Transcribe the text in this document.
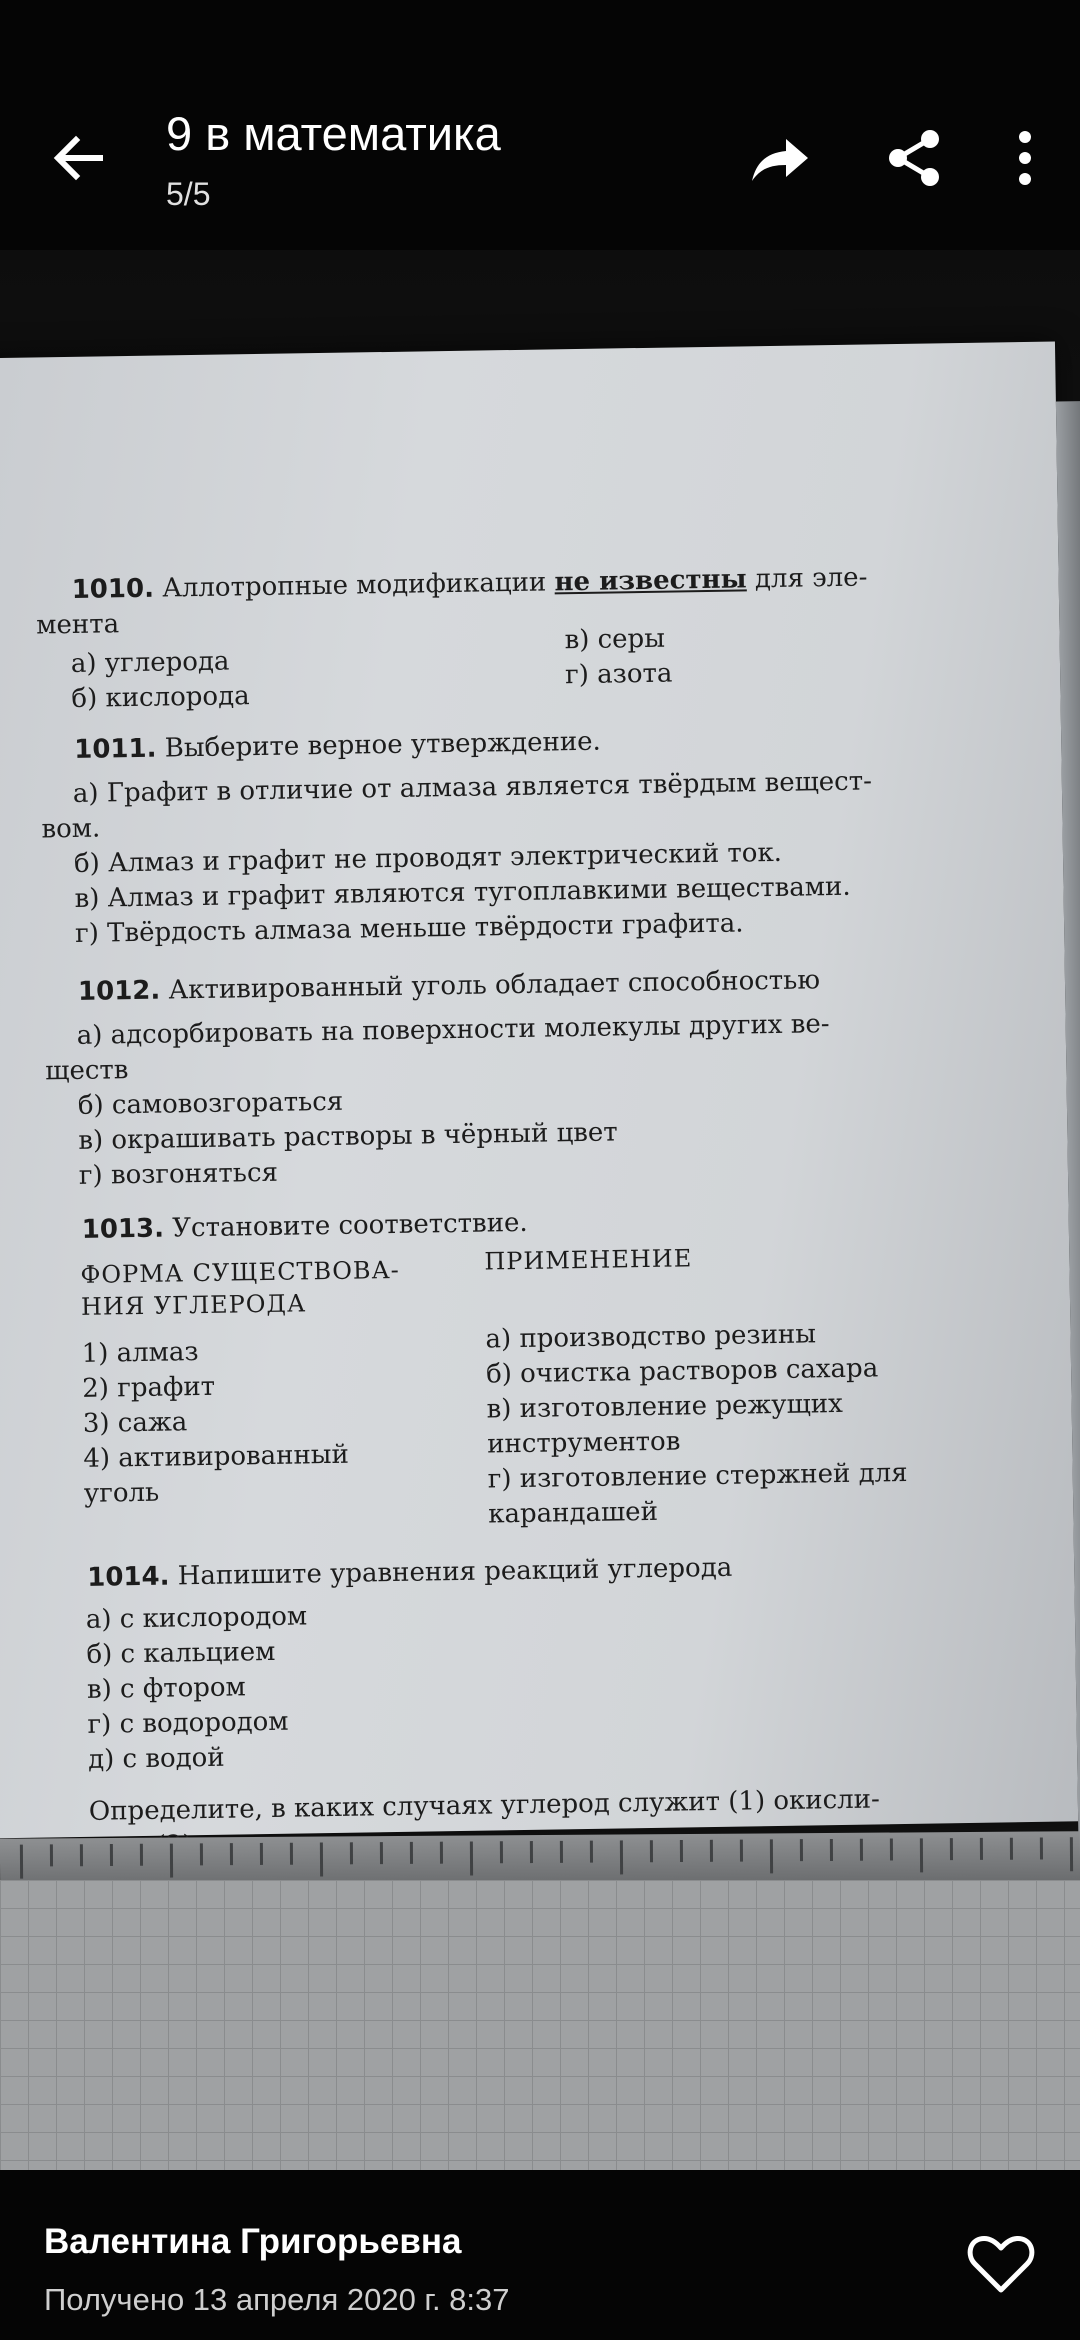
9 в математика
5/5
1010. Аллотропные модификации не известны для эле-
мента
а) углерода
б) кислорода
в) серы
г) азота
1011. Выберите верное утверждение.
а) Графит в отличие от алмаза является твёрдым вещест-
вом.
б) Алмаз и графит не проводят электрический ток.
в) Алмаз и графит являются тугоплавкими веществами.
г) Твёрдость алмаза меньше твёрдости графита.
1012. Активированный уголь обладает способностью
а) адсорбировать на поверхности молекулы других ве-
ществ
б) самовозгораться
в) окрашивать растворы в чёрный цвет
г) возгоняться
1013. Установите соответствие.
ФОРМА СУЩЕСТВОВА-
НИЯ УГЛЕРОДА
ПРИМЕНЕНИЕ
1) алмаз
2) графит
3) сажа
4) активированный
уголь
а) производство резины
б) очистка растворов сахара
в) изготовление режущих
инструментов
г) изготовление стержней для
карандашей
1014. Напишите уравнения реакций углерода
а) с кислородом
б) с кальцием
в) с фтором
г) с водородом
д) с водой
Определите, в каких случаях углерод служит (1) окисли-
Валентина Григорьевна
Получено 13 апреля 2020 г. 8:37
